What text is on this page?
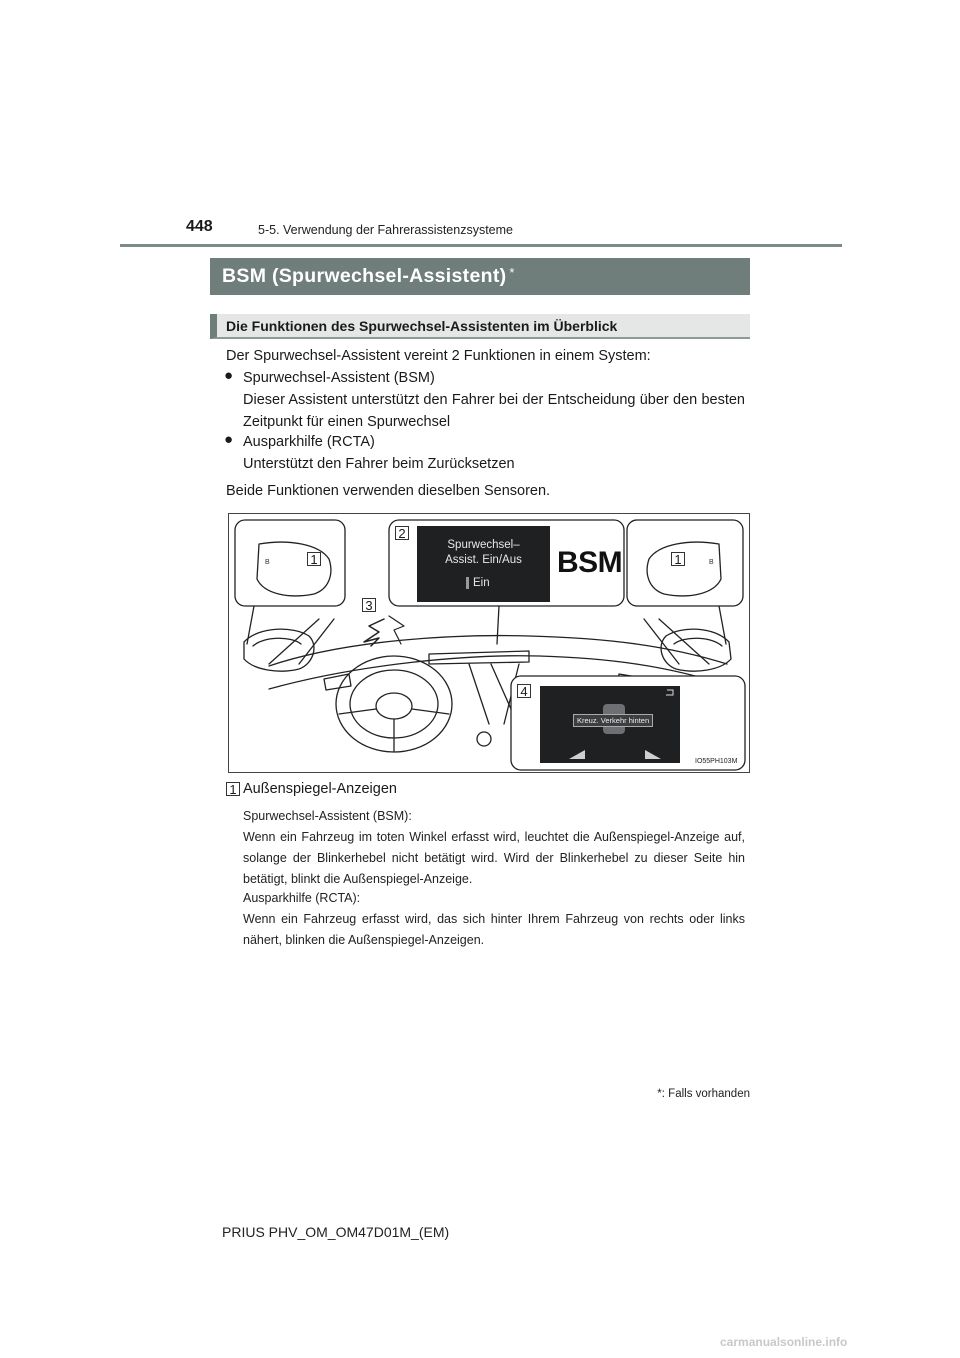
448	5-5. Verwendung der Fahrerassistenzsysteme
BSM (Spurwechsel-Assistent)*
Die Funktionen des Spurwechsel-Assistenten im Überblick
Der Spurwechsel-Assistent vereint 2 Funktionen in einem System:
● Spurwechsel-Assistent (BSM)
Dieser Assistent unterstützt den Fahrer bei der Entscheidung über den besten Zeitpunkt für einen Spurwechsel
● Ausparkhilfe (RCTA)
Unterstützt den Fahrer beim Zurücksetzen
Beide Funktionen verwenden dieselben Sensoren.
B	B
1
2
3
4
1
Spurwechsel–
Assist. Ein/Aus
Ein
BSM
Kreuz. Verkehr hinten
IO55PH103M
1 Außenspiegel-Anzeigen
Spurwechsel-Assistent (BSM):
Wenn ein Fahrzeug im toten Winkel erfasst wird, leuchtet die Außenspiegel-Anzeige auf, solange der Blinkerhebel nicht betätigt wird. Wird der Blinkerhebel zu dieser Seite hin betätigt, blinkt die Außenspiegel-Anzeige.
Ausparkhilfe (RCTA):
Wenn ein Fahrzeug erfasst wird, das sich hinter Ihrem Fahrzeug von rechts oder links nähert, blinken die Außenspiegel-Anzeigen.
*: Falls vorhanden
PRIUS PHV_OM_OM47D01M_(EM)
carmanualsonline.info
